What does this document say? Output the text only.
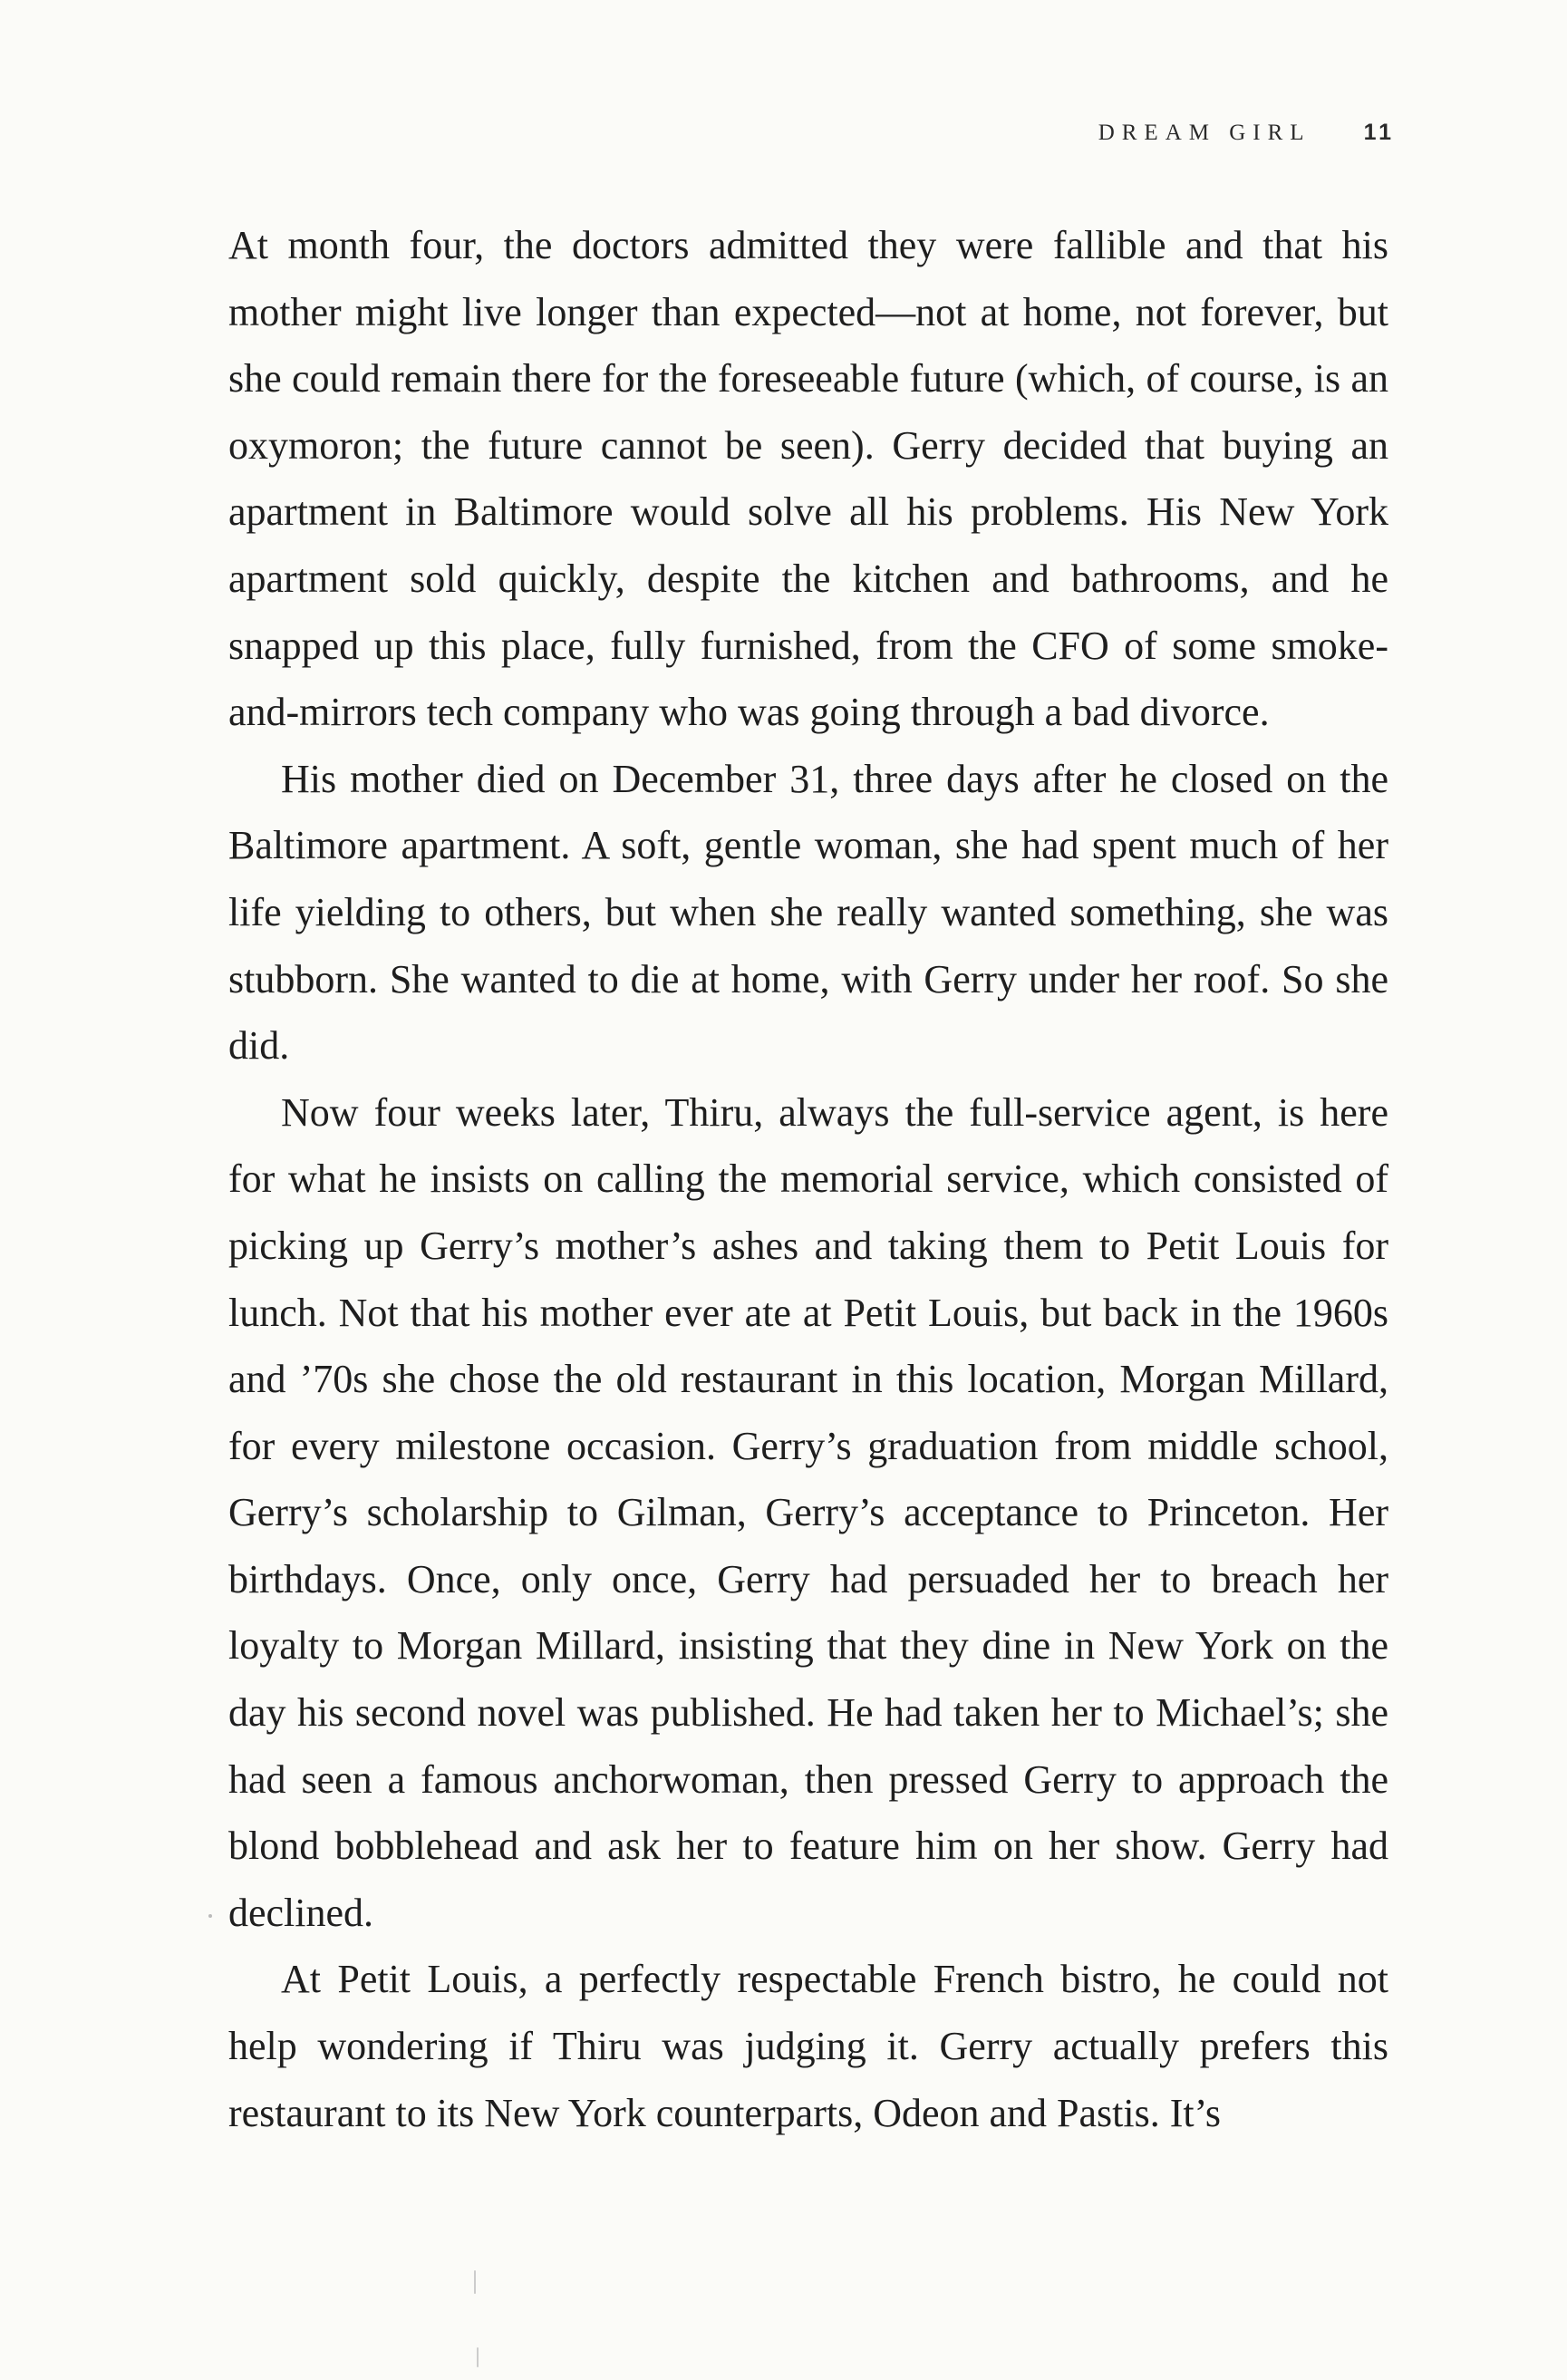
DREAM GIRL 11

At month four, the doctors admitted they were fallible and that his mother might live longer than expected—not at home, not forever, but she could remain there for the foreseeable future (which, of course, is an oxymoron; the future cannot be seen). Gerry decided that buying an apartment in Baltimore would solve all his problems. His New York apartment sold quickly, despite the kitchen and bathrooms, and he snapped up this place, fully furnished, from the CFO of some smoke-and-mirrors tech company who was going through a bad divorce.

His mother died on December 31, three days after he closed on the Baltimore apartment. A soft, gentle woman, she had spent much of her life yielding to others, but when she really wanted something, she was stubborn. She wanted to die at home, with Gerry under her roof. So she did.

Now four weeks later, Thiru, always the full-service agent, is here for what he insists on calling the memorial service, which consisted of picking up Gerry’s mother’s ashes and taking them to Petit Louis for lunch. Not that his mother ever ate at Petit Louis, but back in the 1960s and ’70s she chose the old restaurant in this location, Morgan Millard, for every milestone occasion. Gerry’s graduation from middle school, Gerry’s scholarship to Gilman, Gerry’s acceptance to Princeton. Her birthdays. Once, only once, Gerry had persuaded her to breach her loyalty to Morgan Millard, insisting that they dine in New York on the day his second novel was published. He had taken her to Michael’s; she had seen a famous anchorwoman, then pressed Gerry to approach the blond bobblehead and ask her to feature him on her show. Gerry had declined.

At Petit Louis, a perfectly respectable French bistro, he could not help wondering if Thiru was judging it. Gerry actually prefers this restaurant to its New York counterparts, Odeon and Pastis. It’s
